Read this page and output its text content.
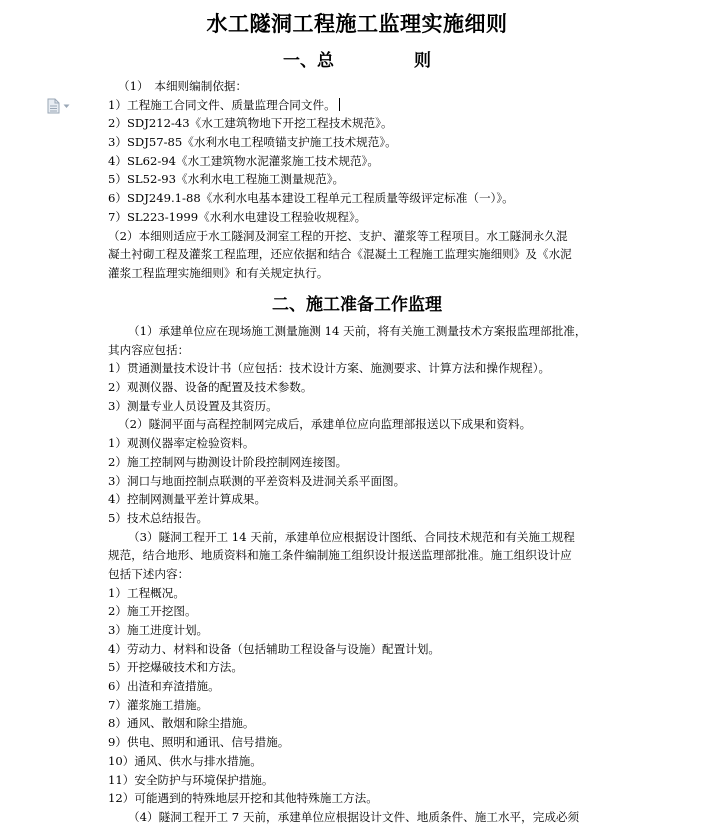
水工隧洞工程施工监理实施细则
一、总	则
（1）　本细则编制依据：
1）工程施工合同文件、质量监理合同文件。
2）SDJ212-43《水工建筑物地下开挖工程技术规范》。
3）SDJ57-85《水利水电工程喷锚支护施工技术规范》。
4）SL62-94《水工建筑物水泥灌浆施工技术规范》。
5）SL52-93《水利水电工程施工测量规范》。
6）SDJ249.1-88《水利水电基本建设工程单元工程质量等级评定标准（一）》。
7）SL223-1999《水利水电建设工程验收规程》。
（2）本细则适应于水工隧洞及洞室工程的开挖、支护、灌浆等工程项目。水工隧洞永久混
凝土衬砌工程及灌浆工程监理，还应依据和结合《混凝土工程施工监理实施细则》及《水泥
灌浆工程监理实施细则》和有关规定执行。
二、施工准备工作监理
（1）承建单位应在现场施工测量施测 14 天前，将有关施工测量技术方案报监理部批准，
其内容应包括：
1）贯通测量技术设计书（应包括：技术设计方案、施测要求、计算方法和操作规程）。
2）观测仪器、设备的配置及技术参数。
3）测量专业人员设置及其资历。
（2）隧洞平面与高程控制网完成后，承建单位应向监理部报送以下成果和资料。
1）观测仪器率定检验资料。
2）施工控制网与勘测设计阶段控制网连接图。
3）洞口与地面控制点联测的平差资料及进洞关系平面图。
4）控制网测量平差计算成果。
5）技术总结报告。
（3）隧洞工程开工 14 天前，承建单位应根据设计图纸、合同技术规范和有关施工规程
规范，结合地形、地质资料和施工条件编制施工组织设计报送监理部批准。施工组织设计应
包括下述内容：
1）工程概况。
2）施工开挖图。
3）施工进度计划。
4）劳动力、材料和设备（包括辅助工程设备与设施）配置计划。
5）开挖爆破技术和方法。
6）出渣和弃渣措施。
7）灌浆施工措施。
8）通风、散烟和除尘措施。
9）供电、照明和通讯、信号措施。
10）通风、供水与排水措施。
11）安全防护与环境保护措施。
12）可能遇到的特殊地层开挖和其他特殊施工方法。
（4）隧洞工程开工 7 天前，承建单位应根据设计文件、地质条件、施工水平，完成必须
